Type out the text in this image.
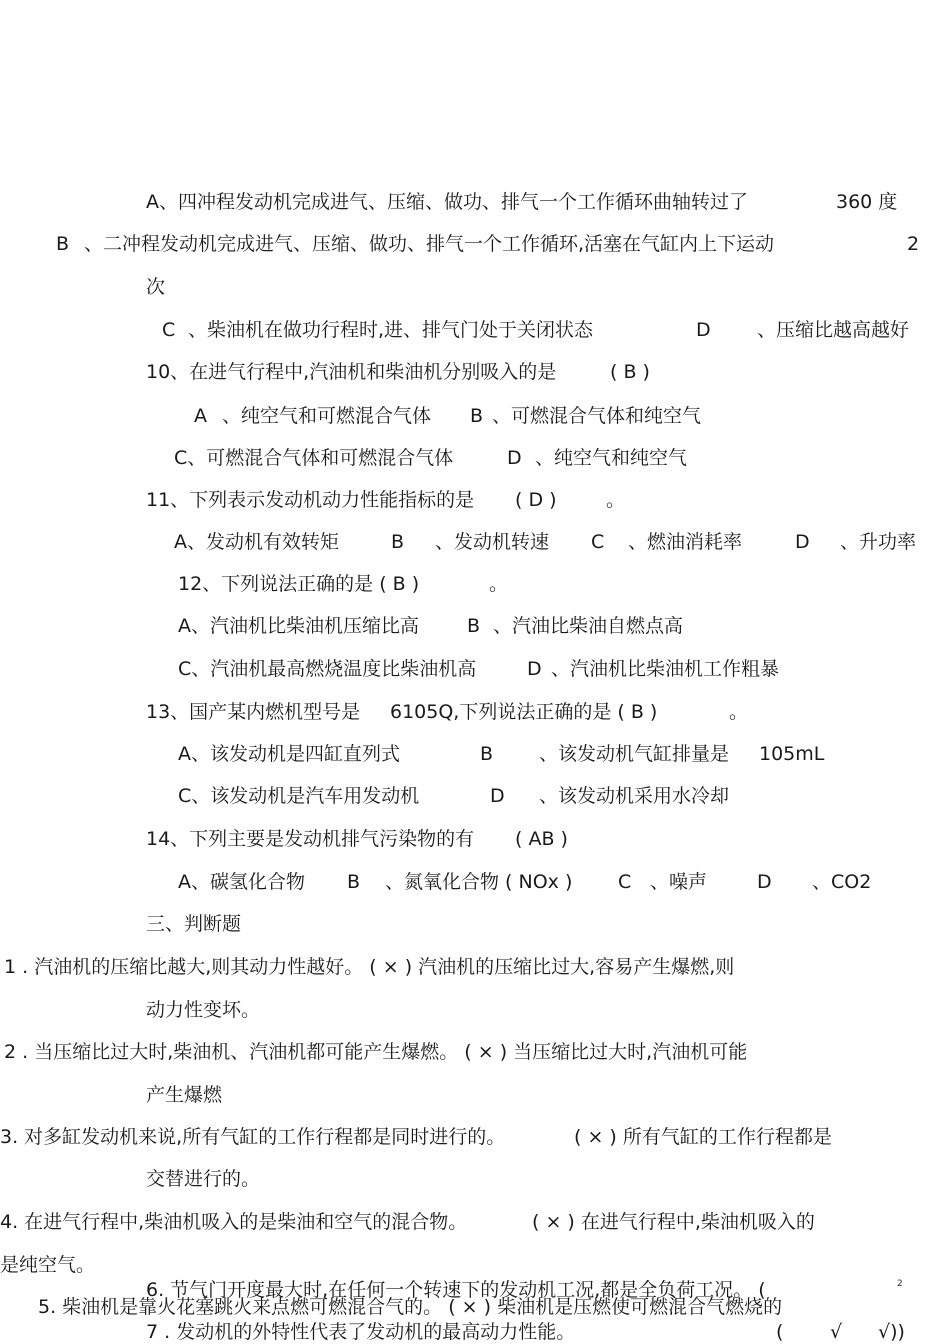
A、四冲程发动机完成进气、压缩、做功、排气一个工作循环曲轴转过了	360 度
B 、二冲程发动机完成进气、压缩、做功、排气一个工作循环,活塞在气缸内上下运动	2
次
C 、柴油机在做功行程时,进、排气门处于关闭状态	D 、压缩比越高越好
10、在进气行程中,汽油机和柴油机分别吸入的是	( B )
A 、纯空气和可燃混合气体 B 、可燃混合气体和纯空气
C、可燃混合气体和可燃混合气体	D 、纯空气和纯空气
11、下列表示发动机动力性能指标的是 ( D )	。
A、发动机有效转矩	B 、发动机转速 C 、燃油消耗率	D 、升功率
12、下列说法正确的是 ( B )	。
A、汽油机比柴油机压缩比高	B 、汽油比柴油自燃点高
C、汽油机最高燃烧温度比柴油机高	D 、汽油机比柴油机工作粗暴
13、国产某内燃机型号是 6105Q,下列说法正确的是 ( B )	。
A、该发动机是四缸直列式	B 、该发动机气缸排量是 105mL
C、该发动机是汽车用发动机	D 、该发动机采用水冷却
14、下列主要是发动机排气污染物的有 ( AB )
A、碳氢化合物 B 、氮氧化合物 ( NOx ) C 、噪声	D 、CO2
三、判断题
1 . 汽油机的压缩比越大,则其动力性越好。 ( × ) 汽油机的压缩比过大,容易产生爆燃,则
动力性变坏。
2 . 当压缩比过大时,柴油机、汽油机都可能产生爆燃。 ( × ) 当压缩比过大时,汽油机可能
产生爆燃
3. 对多缸发动机来说,所有气缸的工作行程都是同时进行的。	( × ) 所有气缸的工作行程都是
交替进行的。
4. 在进气行程中,柴油机吸入的是柴油和空气的混合物。	( × ) 在进气行程中,柴油机吸入的
是纯空气。
6. 节气门开度最大时,在任何一个转速下的发动机工况,都是全负荷工况。 (	2
5. 柴油机是靠火花塞跳火来点燃可燃混合气的。 ( × ) 柴油机是压燃使可燃混合气燃烧的
7 . 发动机的外特性代表了发动机的最高动力性能。	( √ √))
